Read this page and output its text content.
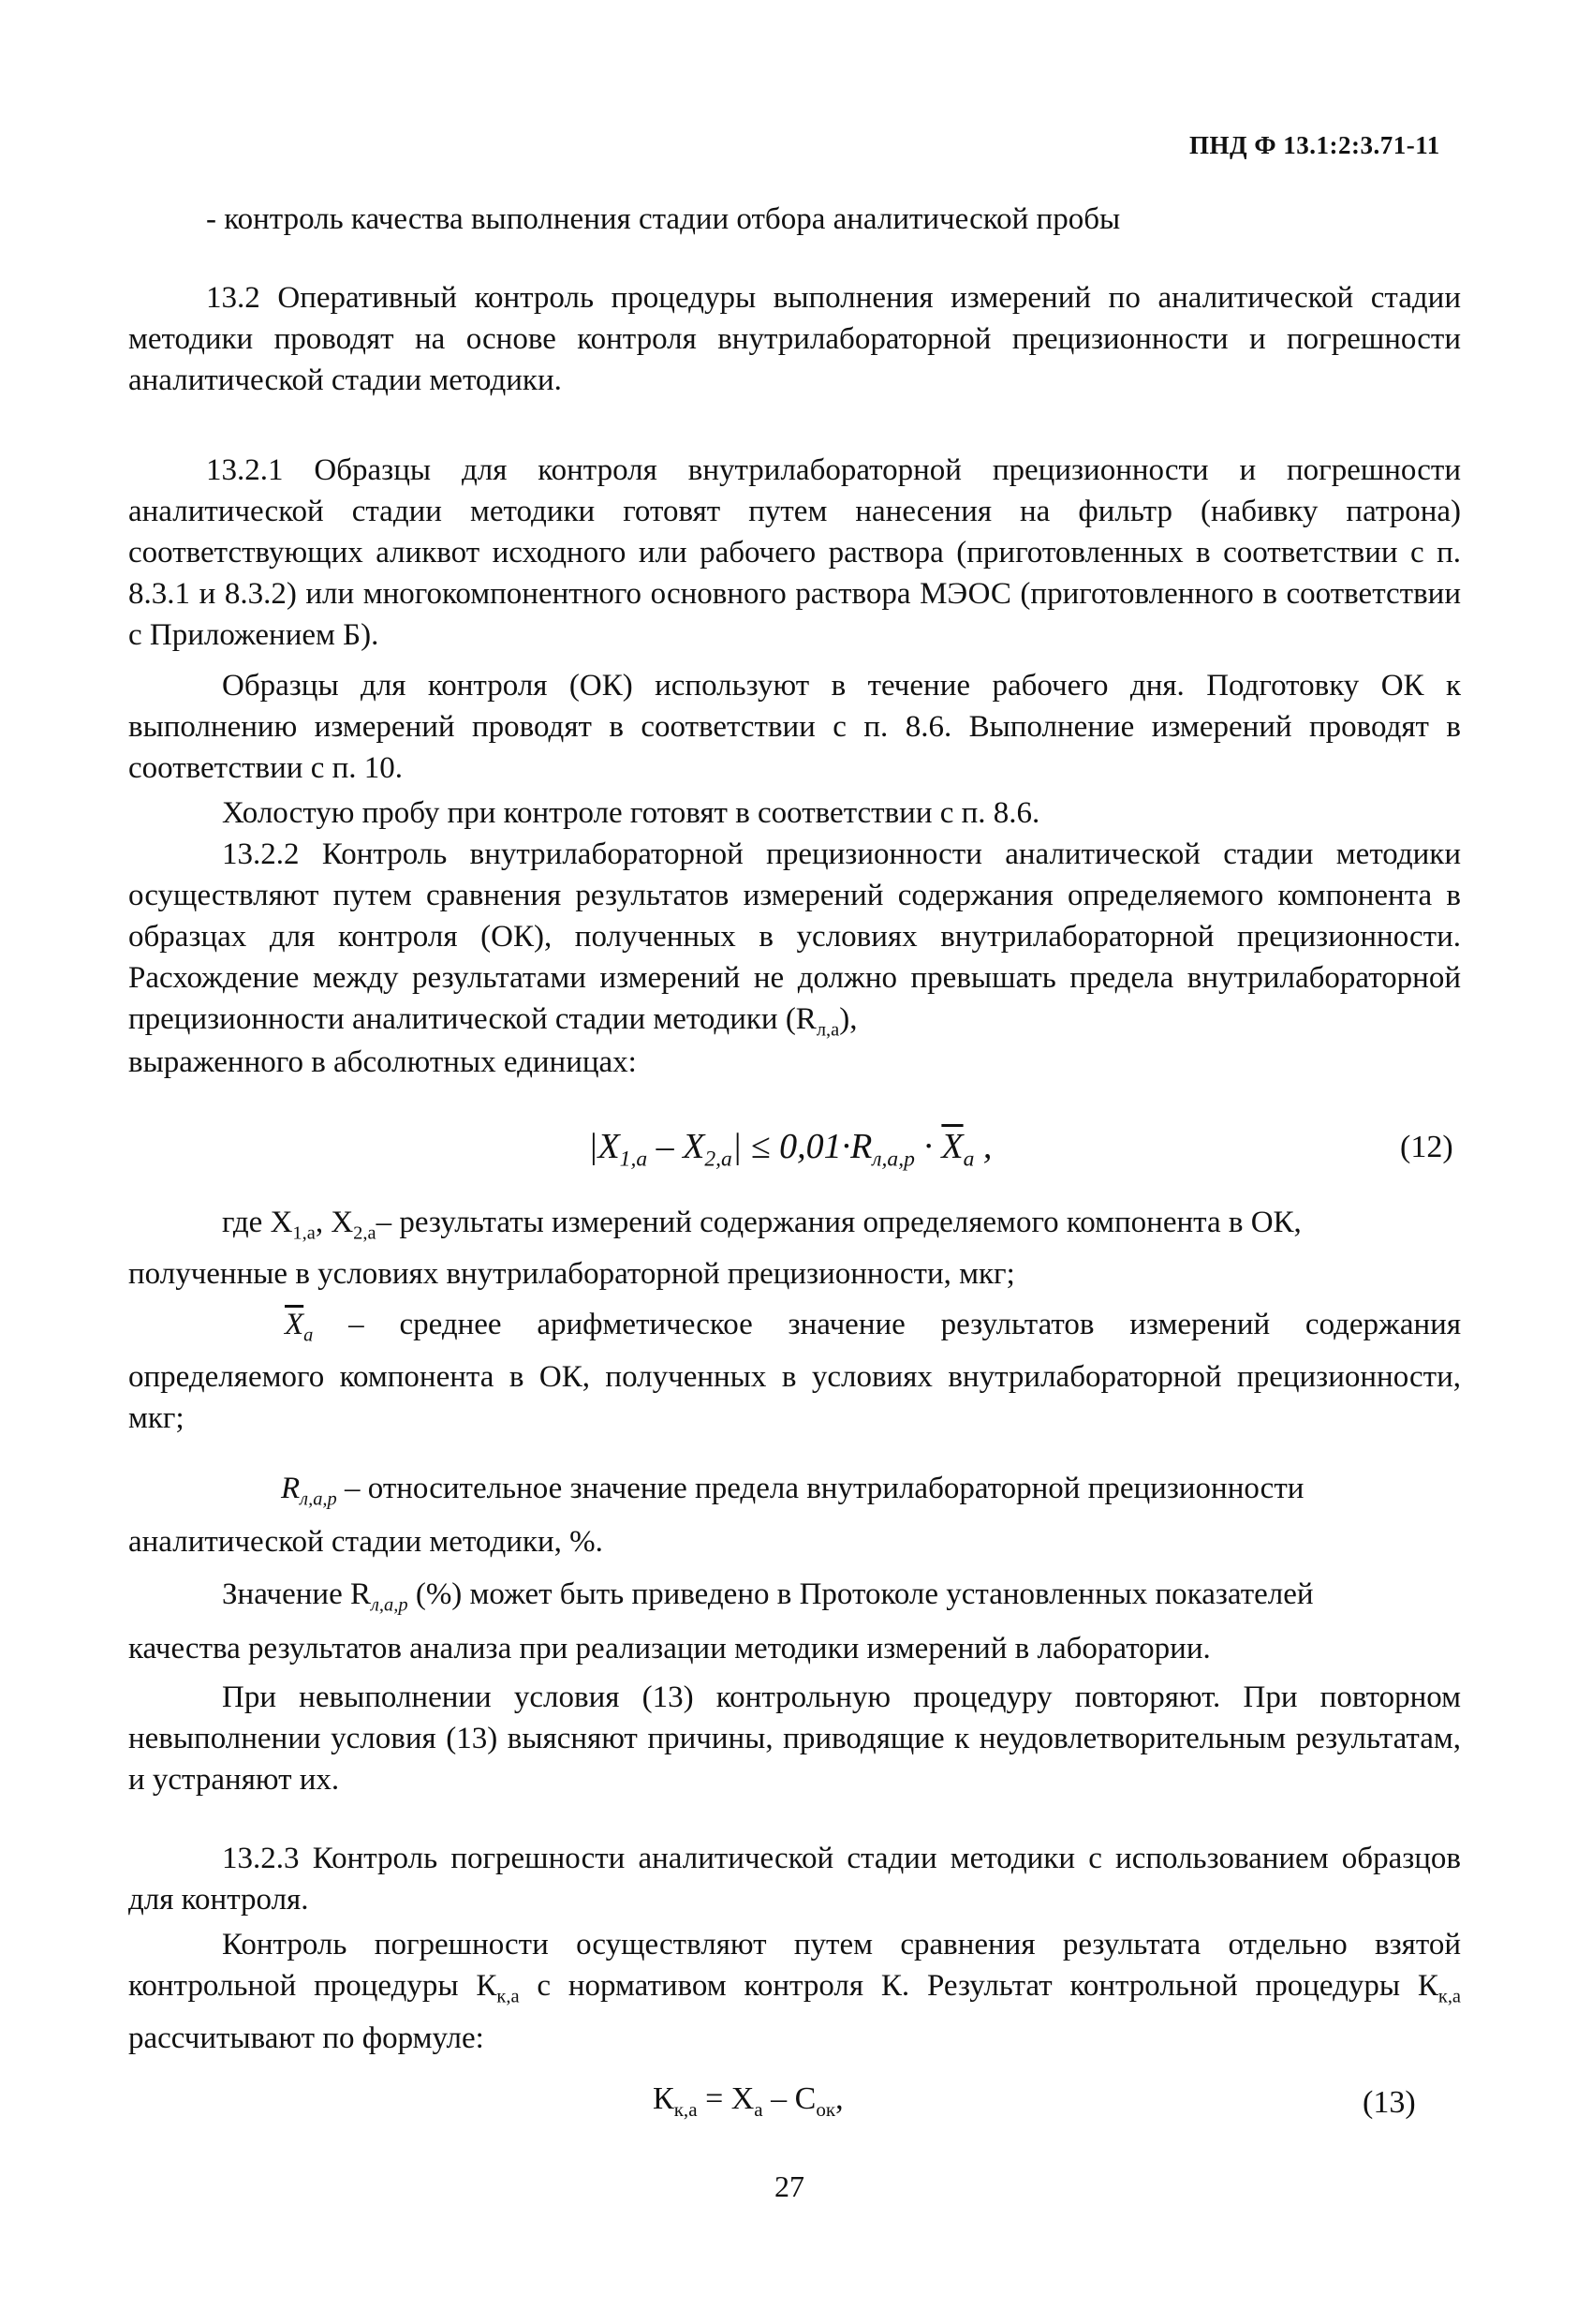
ПНД Ф 13.1:2:3.71-11
- контроль качества выполнения стадии отбора аналитической пробы
13.2 Оперативный контроль процедуры выполнения измерений по аналитической стадии методики проводят на основе контроля внутрилабораторной прецизионности и погрешности аналитической стадии методики.
13.2.1 Образцы для контроля внутрилабораторной прецизионности и погрешности аналитической стадии методики готовят путем нанесения на фильтр (набивку патрона) соответствующих аликвот исходного или рабочего раствора (приготовленных в соответствии с п. 8.3.1 и 8.3.2) или многокомпонентного основного раствора МЭОС (приготовленного в соответствии с Приложением Б).
Образцы для контроля (ОК) используют в течение рабочего дня. Подготовку ОК к выполнению измерений проводят в соответствии с п. 8.6. Выполнение измерений проводят в соответствии с п. 10.
Холостую пробу при контроле готовят в соответствии с п. 8.6.
13.2.2 Контроль внутрилабораторной прецизионности аналитической стадии методики осуществляют путем сравнения результатов измерений содержания определяемого компонента в образцах для контроля (ОК), полученных в условиях внутрилабораторной прецизионности. Расхождение между результатами измерений не должно превышать предела внутрилабораторной прецизионности аналитической стадии методики $(R_{л,а})$,
выраженного в абсолютных единицах:
$|X_{1,а} - X_{2,а}| \le 0,01\cdot R_{л,а,р} \cdot \overline{X}_а$ ,	(12)
где $X_{1,а}$, $X_{2,а}-$ результаты измерений содержания определяемого компонента в ОК,
полученные в условиях внутрилабораторной прецизионности, мкг;
$\overline{X}_а$ – среднее арифметическое значение результатов измерений содержания определяемого компонента в ОК, полученных в условиях внутрилабораторной прецизионности, мкг;
$R_{л,а,р}$ – относительное значение предела внутрилабораторной прецизионности
аналитической стадии методики, %.
Значение $R_{л,а,р}$ (%) может быть приведено в Протоколе установленных показателей
качества результатов анализа при реализации методики измерений в лаборатории.
При невыполнении условия (13) контрольную процедуру повторяют. При повторном невыполнении условия (13) выясняют причины, приводящие к неудовлетворительным результатам, и устраняют их.
13.2.3 Контроль погрешности аналитической стадии методики с использованием образцов для контроля.
Контроль погрешности осуществляют путем сравнения результата отдельно взятой контрольной процедуры $К_{к,а}$ с нормативом контроля К. Результат контрольной процедуры $К_{к,а}$ рассчитывают по формуле:
$К_{к,а} = X_а - C_{ок}$,	(13)
27
